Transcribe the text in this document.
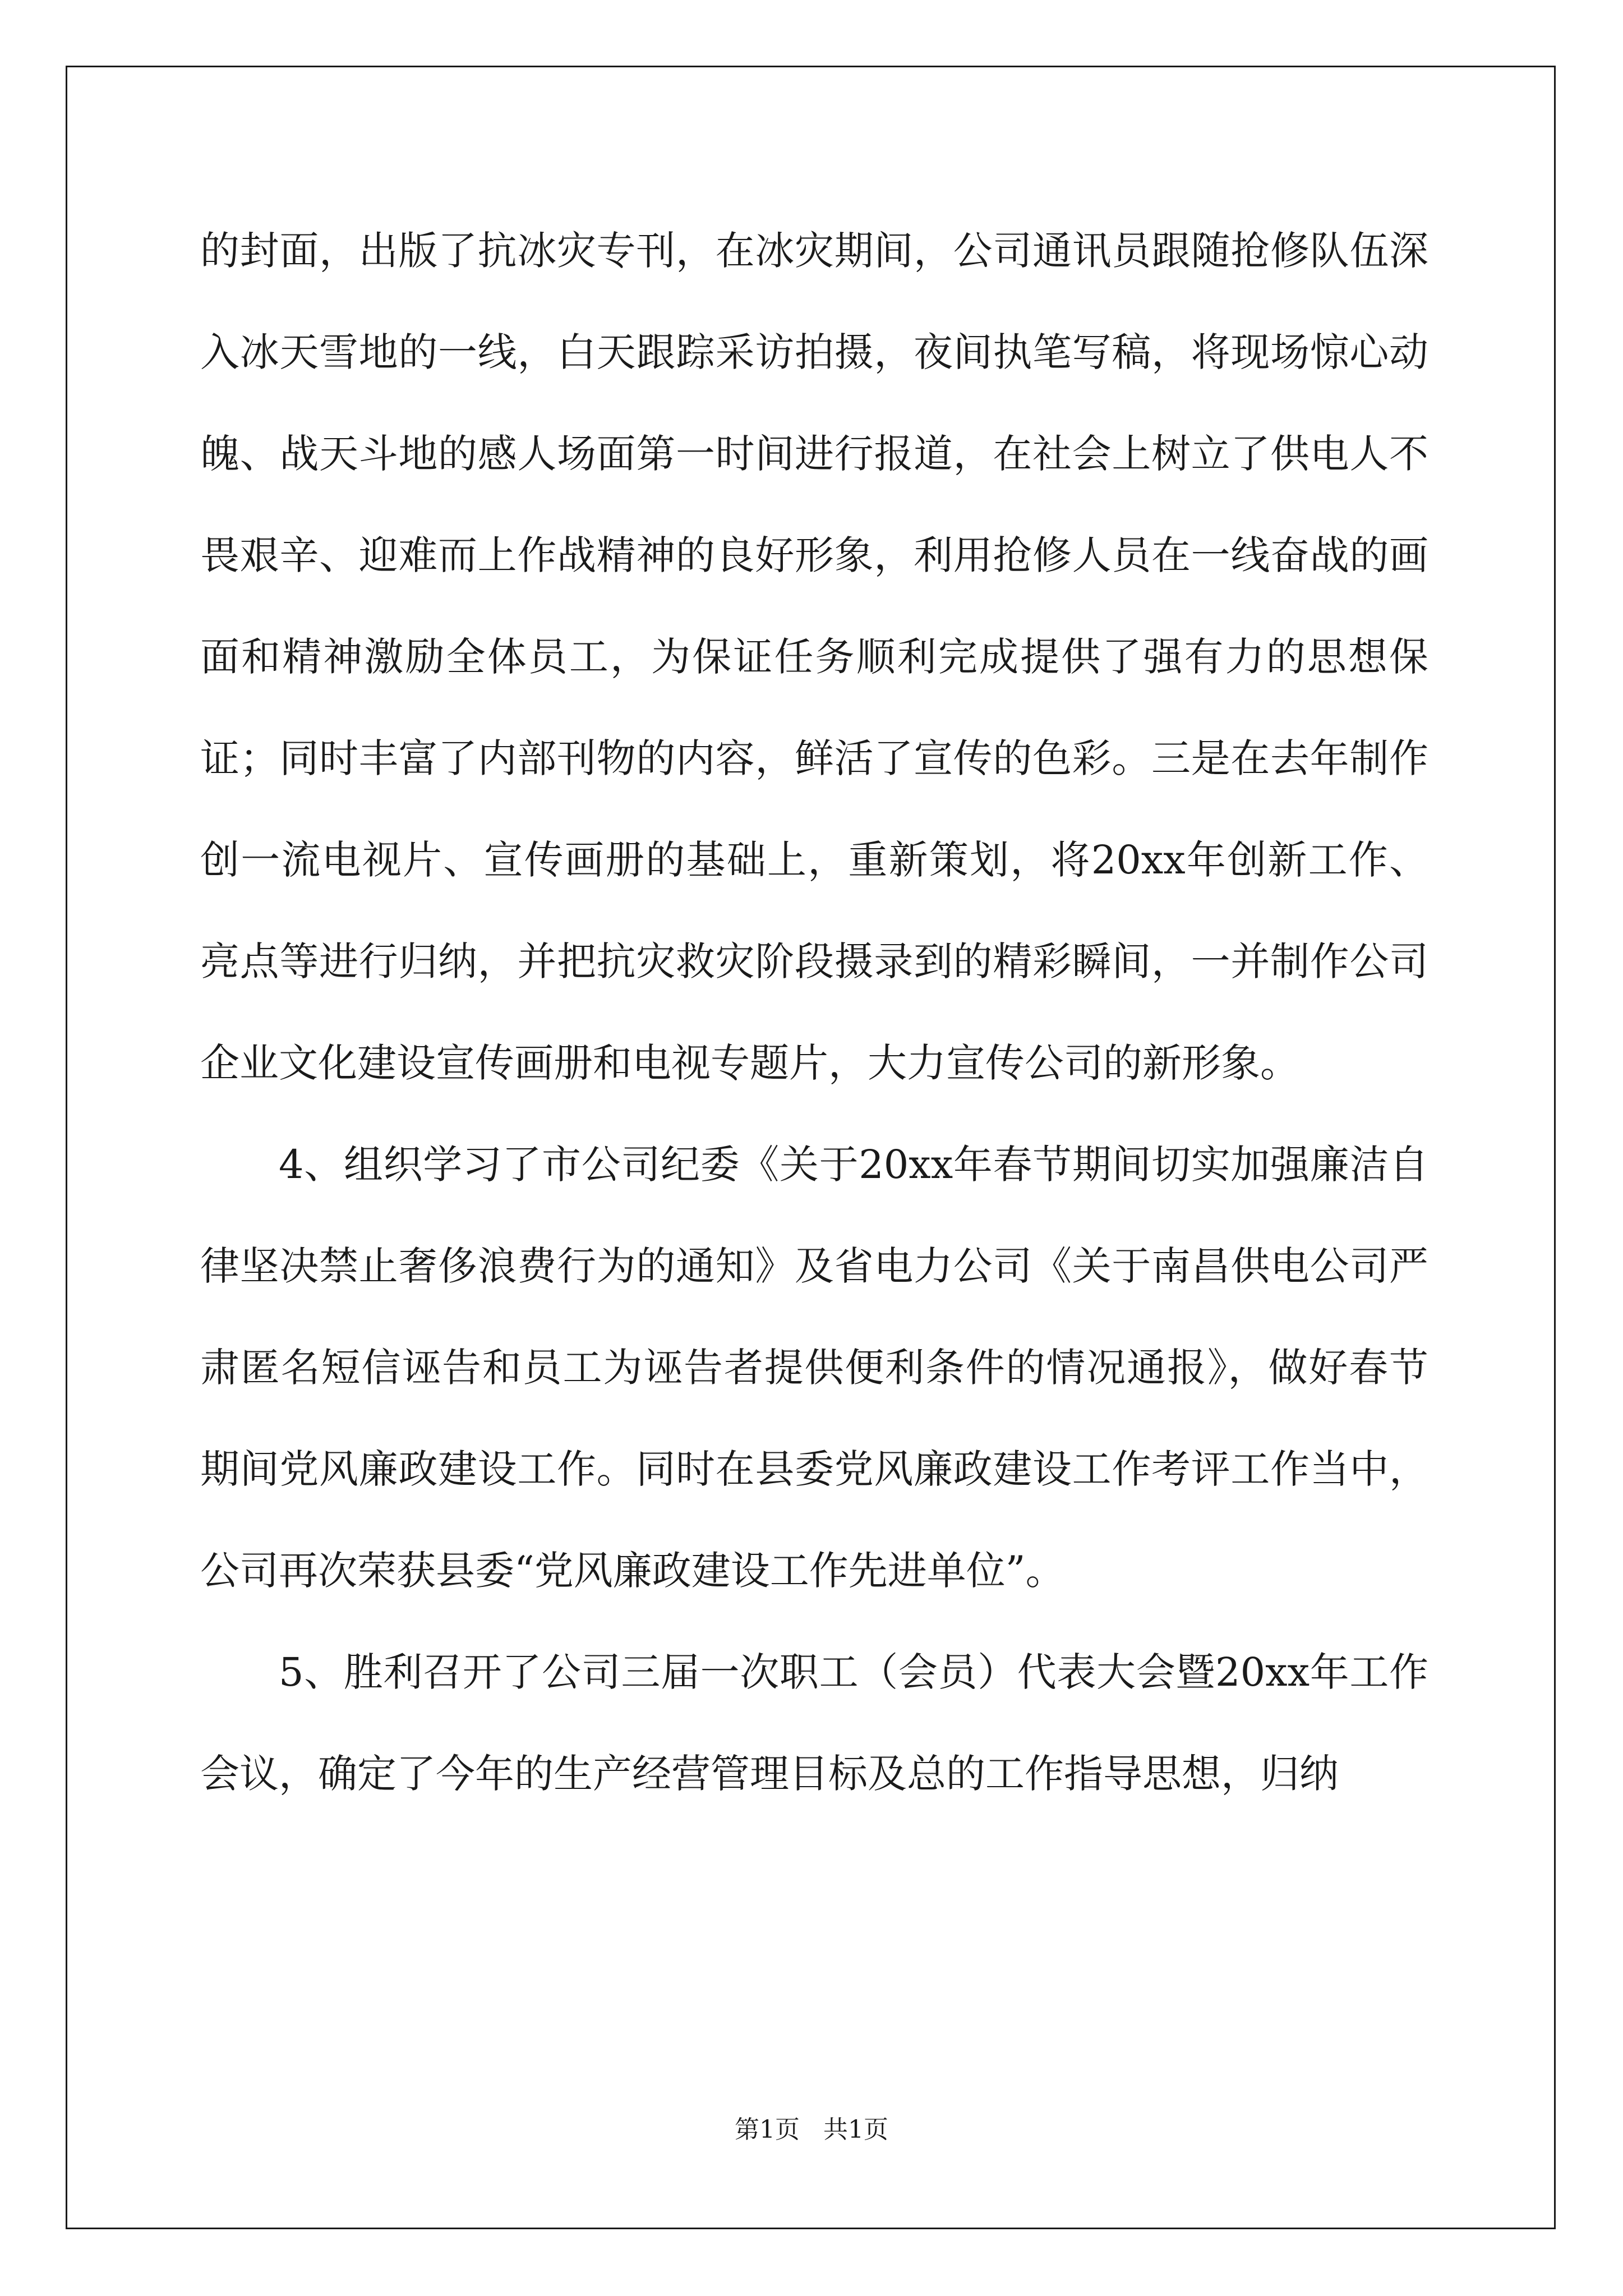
的封面，出版了抗冰灾专刊，在冰灾期间，公司通讯员跟随抢修队伍深入冰天雪地的一线，白天跟踪采访拍摄，夜间执笔写稿，将现场惊心动魄、战天斗地的感人场面第一时间进行报道，在社会上树立了供电人不畏艰辛、迎难而上作战精神的良好形象，利用抢修人员在一线奋战的画面和精神激励全体员工，为保证任务顺利完成提供了强有力的思想保证；同时丰富了内部刊物的内容，鲜活了宣传的色彩。三是在去年制作创一流电视片、宣传画册的基础上，重新策划，将20xx年创新工作、亮点等进行归纳，并把抗灾救灾阶段摄录到的精彩瞬间，一并制作公司企业文化建设宣传画册和电视专题片，大力宣传公司的新形象。

4、组织学习了市公司纪委《关于20xx年春节期间切实加强廉洁自律坚决禁止奢侈浪费行为的通知》及省电力公司《关于南昌供电公司严肃匿名短信诬告和员工为诬告者提供便利条件的情况通报》，做好春节期间党风廉政建设工作。同时在县委党风廉政建设工作考评工作当中，公司再次荣获县委“党风廉政建设工作先进单位”。

5、胜利召开了公司三届一次职工（会员）代表大会暨20xx年工作会议，确定了今年的生产经营管理目标及总的工作指导思想，归纳

第1页   共1页
